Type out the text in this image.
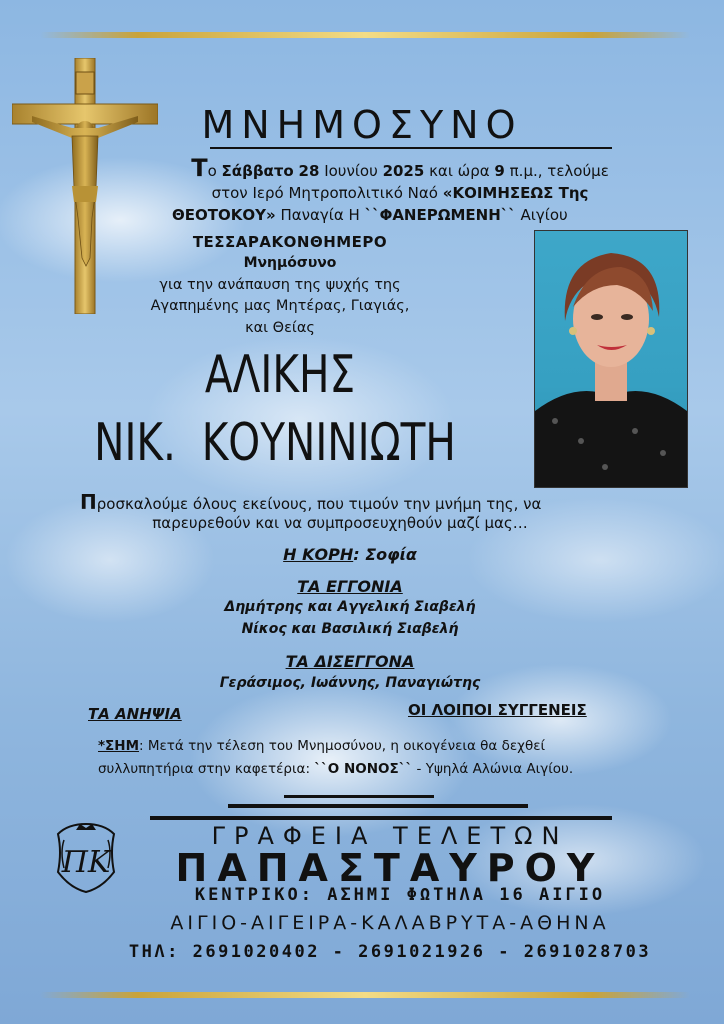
ΜΝΗΜΟΣΥΝΟ
Το Σάββατο 28 Ιουνίου 2025 και ώρα 9 π.μ., τελούμε
στον Ιερό Μητροπολιτικό Ναό «ΚΟΙΜΗΣΕΩΣ Της
ΘΕΟΤΟΚΟΥ» Παναγία Η ``ΦΑΝΕΡΩΜΕΝΗ`` Αιγίου
ΤΕΣΣΑΡΑΚΟΝΘΗΜΕΡΟ
Μνημόσυνο
για την ανάπαυση της ψυχής της
Αγαπημένης μας Μητέρας, Γιαγιάς,
και Θείας
ΑΛΙΚΗΣ
ΝΙΚ.  ΚΟΥΝΙΝΙΩΤΗ
Προσκαλούμε όλους εκείνους, που τιμούν την μνήμη της, να
παρευρεθούν και να συμπροσευχηθούν μαζί μας…
Η ΚΟΡΗ: Σοφία
ΤΑ ΕΓΓΟΝΙΑ
Δημήτρης και Αγγελική Σιαβελή
Νίκος και Βασιλική Σιαβελή
ΤΑ ΔΙΣΕΓΓΟΝΑ
Γεράσιμος, Ιωάννης, Παναγιώτης
ΤΑ ΑΝΗΨΙΑ	ΟΙ ΛΟΙΠΟΙ ΣΥΓΓΕΝΕΙΣ
*ΣΗΜ: Μετά την τέλεση του Μνημοσύνου, η οικογένεια θα δεχθεί
συλλυπητήρια στην καφετέρια: ``Ο ΝΟΝΟΣ`` - Υψηλά Αλώνια Αιγίου.
ΠΚ
ΓΡΑΦΕΙΑ ΤΕΛΕΤΩΝ
ΠΑΠΑΣΤΑΥΡΟΥ
ΚΕΝΤΡΙΚΟ: ΑΣΗΜΙ ΦΩΤΗΛΑ 16 ΑΙΓΙΟ
ΑΙΓΙΟ-ΑΙΓΕΙΡΑ-ΚΑΛΑΒΡΥΤΑ-ΑΘΗΝΑ
ΤΗΛ: 2691020402 - 2691021926 - 2691028703
